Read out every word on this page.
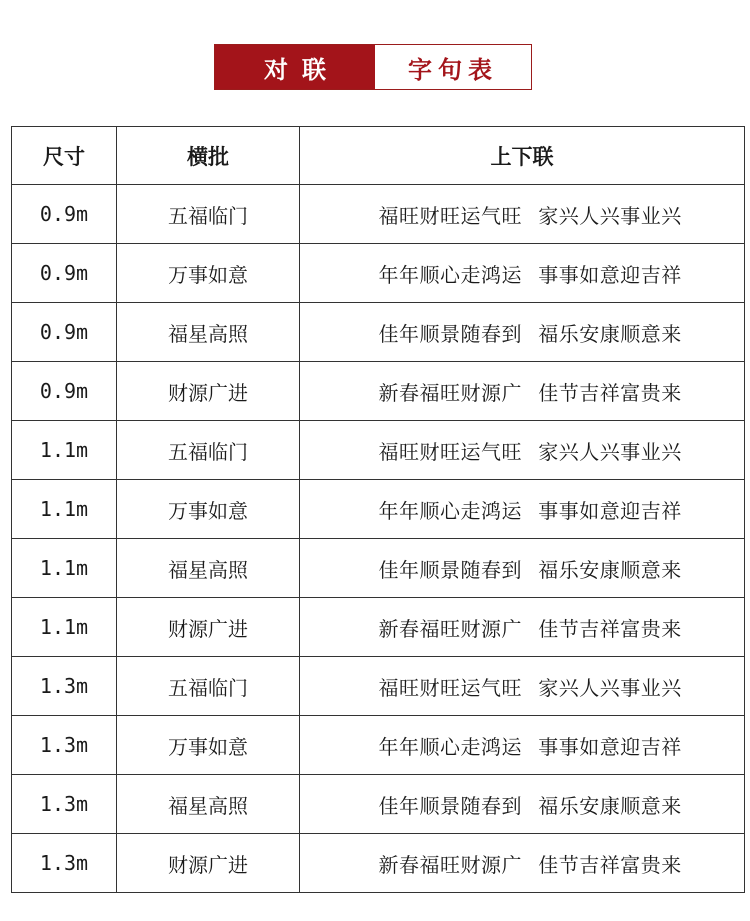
对联	字句表
尺寸	横批	上下联
0.9m	五福临门	福旺财旺运气旺 家兴人兴事业兴
0.9m	万事如意	年年顺心走鸿运 事事如意迎吉祥
0.9m	福星高照	佳年顺景随春到 福乐安康顺意来
0.9m	财源广进	新春福旺财源广 佳节吉祥富贵来
1.1m	五福临门	福旺财旺运气旺 家兴人兴事业兴
1.1m	万事如意	年年顺心走鸿运 事事如意迎吉祥
1.1m	福星高照	佳年顺景随春到 福乐安康顺意来
1.1m	财源广进	新春福旺财源广 佳节吉祥富贵来
1.3m	五福临门	福旺财旺运气旺 家兴人兴事业兴
1.3m	万事如意	年年顺心走鸿运 事事如意迎吉祥
1.3m	福星高照	佳年顺景随春到 福乐安康顺意来
1.3m	财源广进	新春福旺财源广 佳节吉祥富贵来
